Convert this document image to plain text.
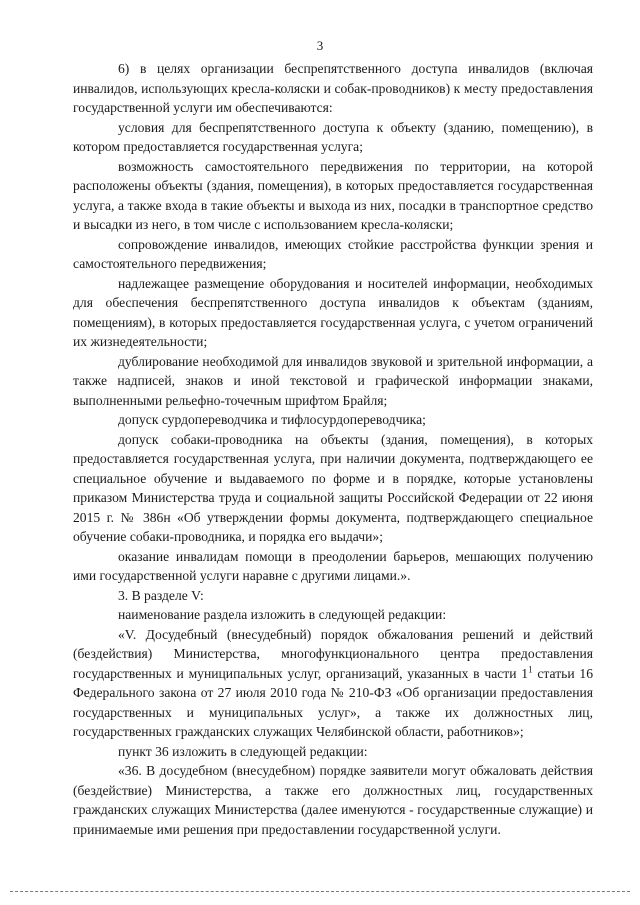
3

6) в целях организации беспрепятственного доступа инвалидов (включая инвалидов, использующих кресла-коляски и собак-проводников) к месту предоставления государственной услуги им обеспечиваются:

условия для беспрепятственного доступа к объекту (зданию, помещению), в котором предоставляется государственная услуга;

возможность самостоятельного передвижения по территории, на которой расположены объекты (здания, помещения), в которых предоставляется государственная услуга, а также входа в такие объекты и выхода из них, посадки в транспортное средство и высадки из него, в том числе с использованием кресла-коляски;

сопровождение инвалидов, имеющих стойкие расстройства функции зрения и самостоятельного передвижения;

надлежащее размещение оборудования и носителей информации, необходимых для обеспечения беспрепятственного доступа инвалидов к объектам (зданиям, помещениям), в которых предоставляется государственная услуга, с учетом ограничений их жизнедеятельности;

дублирование необходимой для инвалидов звуковой и зрительной информации, а также надписей, знаков и иной текстовой и графической информации знаками, выполненными рельефно-точечным шрифтом Брайля;

допуск сурдопереводчика и тифлосурдопереводчика;

допуск собаки-проводника на объекты (здания, помещения), в которых предоставляется государственная услуга, при наличии документа, подтверждающего ее специальное обучение и выдаваемого по форме и в порядке, которые установлены приказом Министерства труда и социальной защиты Российской Федерации от 22 июня 2015 г. № 386н «Об утверждении формы документа, подтверждающего специальное обучение собаки-проводника, и порядка его выдачи»;

оказание инвалидам помощи в преодолении барьеров, мешающих получению ими государственной услуги наравне с другими лицами.».

3. В разделе V:

наименование раздела изложить в следующей редакции:

«V. Досудебный (внесудебный) порядок обжалования решений и действий (бездействия) Министерства, многофункционального центра предоставления государственных и муниципальных услуг, организаций, указанных в части $1^1$ статьи 16 Федерального закона от 27 июля 2010 года № 210-ФЗ «Об организации предоставления государственных и муниципальных услуг», а также их должностных лиц, государственных гражданских служащих Челябинской области, работников»;

пункт 36 изложить в следующей редакции:

«36. В досудебном (внесудебном) порядке заявители могут обжаловать действия (бездействие) Министерства, а также его должностных лиц, государственных гражданских служащих Министерства (далее именуются - государственные служащие) и принимаемые ими решения при предоставлении государственной услуги.
